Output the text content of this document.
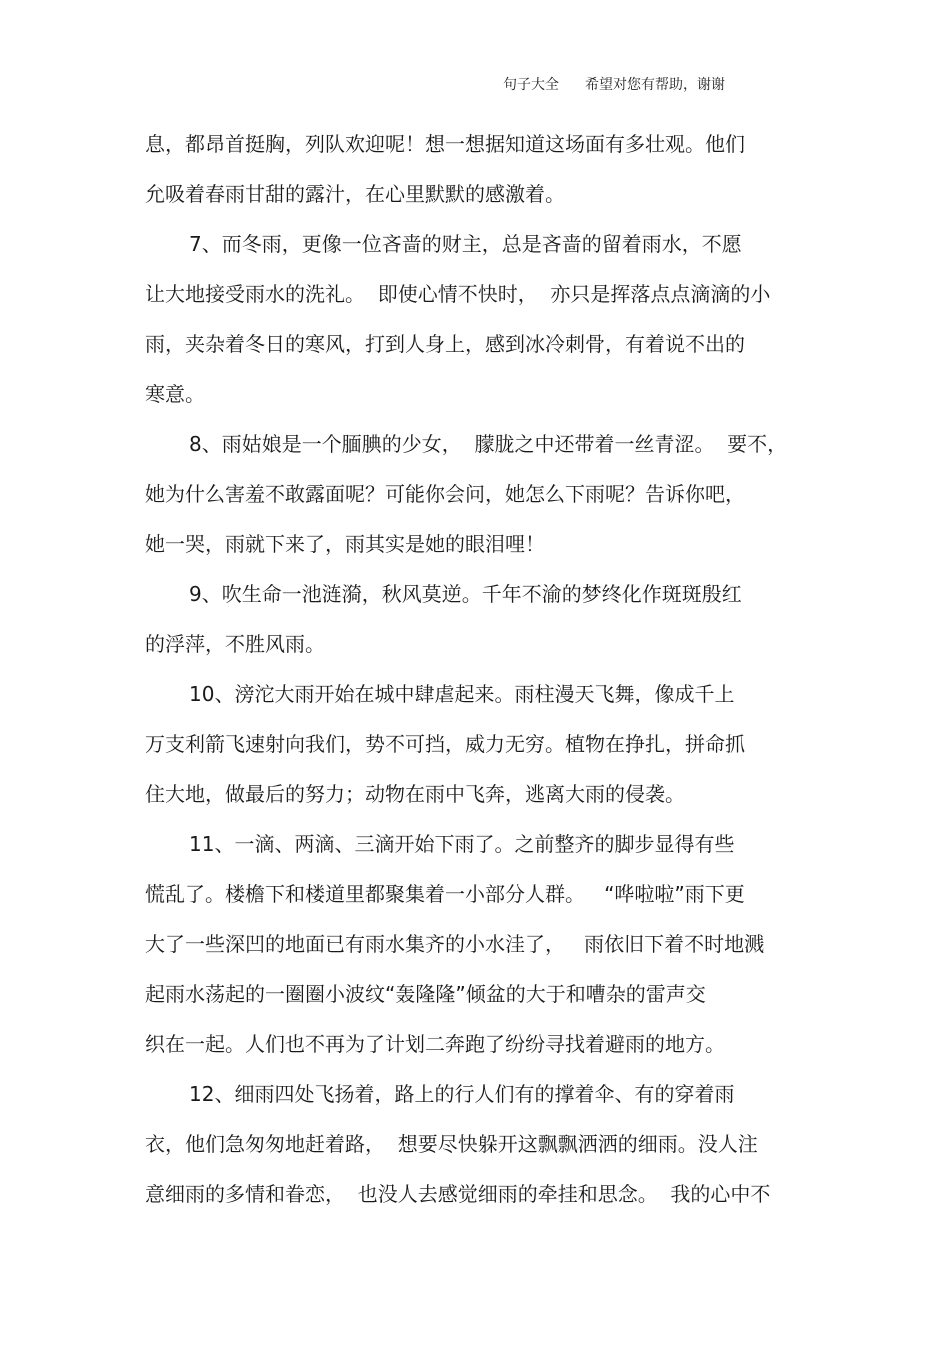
句子大全 希望对您有帮助，谢谢
息，都昂首挺胸，列队欢迎呢！想一想据知道这场面有多壮观。他们
允吸着春雨甘甜的露汁，在心里默默的感激着。
7、而冬雨，更像一位吝啬的财主，总是吝啬的留着雨水，不愿
让大地接受雨水的洗礼。  即使心情不快时，  亦只是挥落点点滴滴的小
雨，夹杂着冬日的寒风，打到人身上，感到冰冷刺骨，有着说不出的
寒意。
8、雨姑娘是一个腼腆的少女，  朦胧之中还带着一丝青涩。  要不，
她为什么害羞不敢露面呢？可能你会问，她怎么下雨呢？告诉你吧，
她一哭，雨就下来了，雨其实是她的眼泪哩！
9、吹生命一池涟漪，秋风莫逆。千年不渝的梦终化作斑斑殷红
的浮萍，不胜风雨。
10、滂沱大雨开始在城中肆虐起来。雨柱漫天飞舞，像成千上
万支利箭飞速射向我们，势不可挡，威力无穷。植物在挣扎，拼命抓
住大地，做最后的努力；动物在雨中飞奔，逃离大雨的侵袭。
11、一滴、两滴、三滴开始下雨了。之前整齐的脚步显得有些
慌乱了。楼檐下和楼道里都聚集着一小部分人群。   “哗啦啦”雨下更
大了一些深凹的地面已有雨水集齐的小水洼了，   雨依旧下着不时地溅
起雨水荡起的一圈圈小波纹“轰隆隆”倾盆的大于和嘈杂的雷声交
织在一起。人们也不再为了计划二奔跑了纷纷寻找着避雨的地方。
12、细雨四处飞扬着，路上的行人们有的撑着伞、有的穿着雨
衣，他们急匆匆地赶着路，  想要尽快躲开这飘飘洒洒的细雨。没人注
意细雨的多情和眷恋，  也没人去感觉细雨的牵挂和思念。  我的心中不
